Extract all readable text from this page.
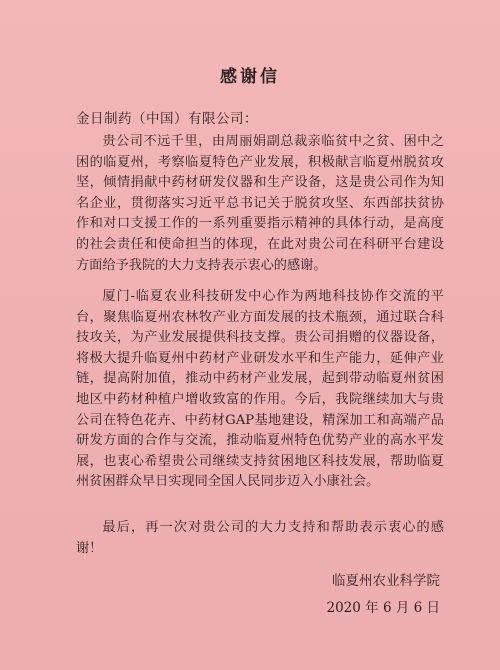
感谢信
金日制药（中国）有限公司：

贵公司不远千里，由周丽娟副总裁亲临贫中之贫、困中之困的临夏州，考察临夏特色产业发展，积极献言临夏州脱贫攻坚，倾情捐献中药材研发仪器和生产设备，这是贵公司作为知名企业，贯彻落实习近平总书记关于脱贫攻坚、东西部扶贫协作和对口支援工作的一系列重要指示精神的具体行动，是高度的社会责任和使命担当的体现，在此对贵公司在科研平台建设方面给予我院的大力支持表示衷心的感谢。

厦门-临夏农业科技研发中心作为两地科技协作交流的平台，聚焦临夏州农林牧产业方面发展的技术瓶颈，通过联合科技攻关，为产业发展提供科技支撑。贵公司捐赠的仪器设备，将极大提升临夏州中药材产业研发水平和生产能力，延伸产业链，提高附加值，推动中药材产业发展，起到带动临夏州贫困地区中药材种植户增收致富的作用。今后，我院继续加大与贵公司在特色花卉、中药材GAP基地建设，精深加工和高端产品研发方面的合作与交流，推动临夏州特色优势产业的高水平发展，也衷心希望贵公司继续支持贫困地区科技发展，帮助临夏州贫困群众早日实现同全国人民同步迈入小康社会。

最后，再一次对贵公司的大力支持和帮助表示衷心的感谢！

临夏州农业科学院
2020 年 6 月 6 日
